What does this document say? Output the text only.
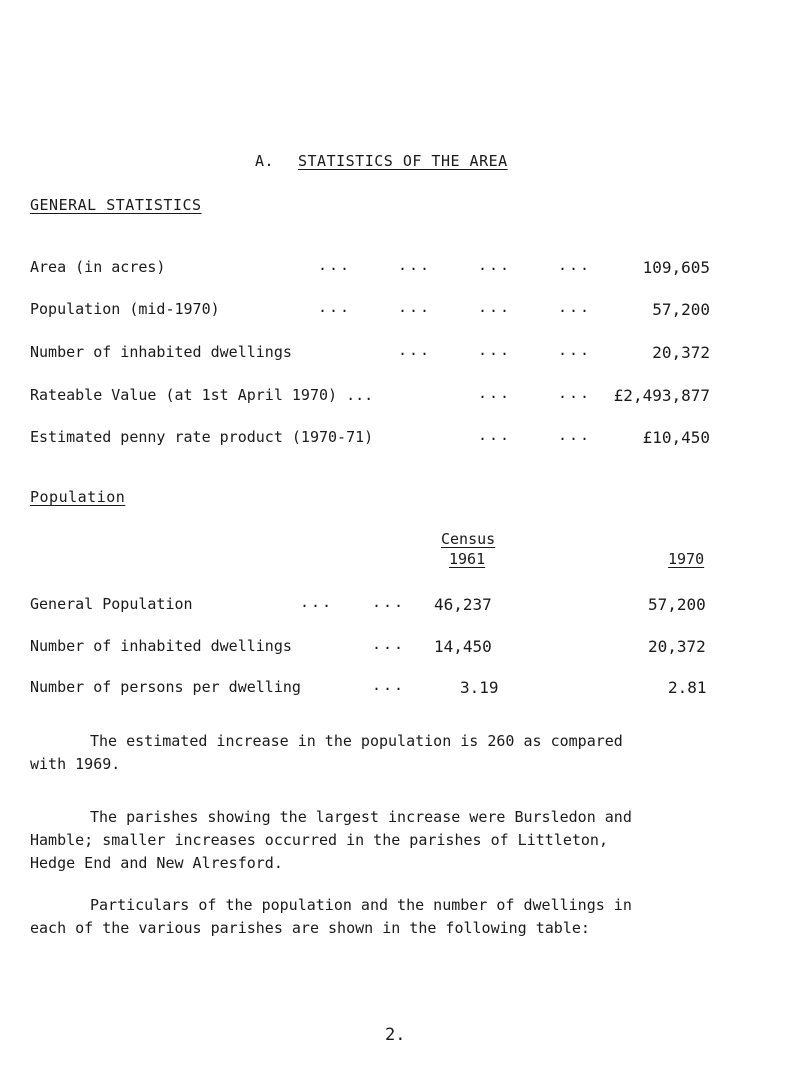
A. STATISTICS OF THE AREA
GENERAL STATISTICS
Area (in acres)	...	...	...	...	109,605
Population (mid-1970)	...	...	...	...	57,200
Number of inhabited dwellings	...	...	...	20,372
Rateable Value (at 1st April 1970) ...	...	...	£2,493,877
Estimated penny rate product (1970-71)	...	...	£10,450
Population
Census
1961	1970
General Population	...	... 46,237	57,200
Number of inhabited dwellings	... 14,450	20,372
Number of persons per dwelling	...	3.19	2.81
The estimated increase in the population is 260 as compared with 1969.
The parishes showing the largest increase were Bursledon and Hamble; smaller increases occurred in the parishes of Littleton, Hedge End and New Alresford.
Particulars of the population and the number of dwellings in each of the various parishes are shown in the following table:
2.
